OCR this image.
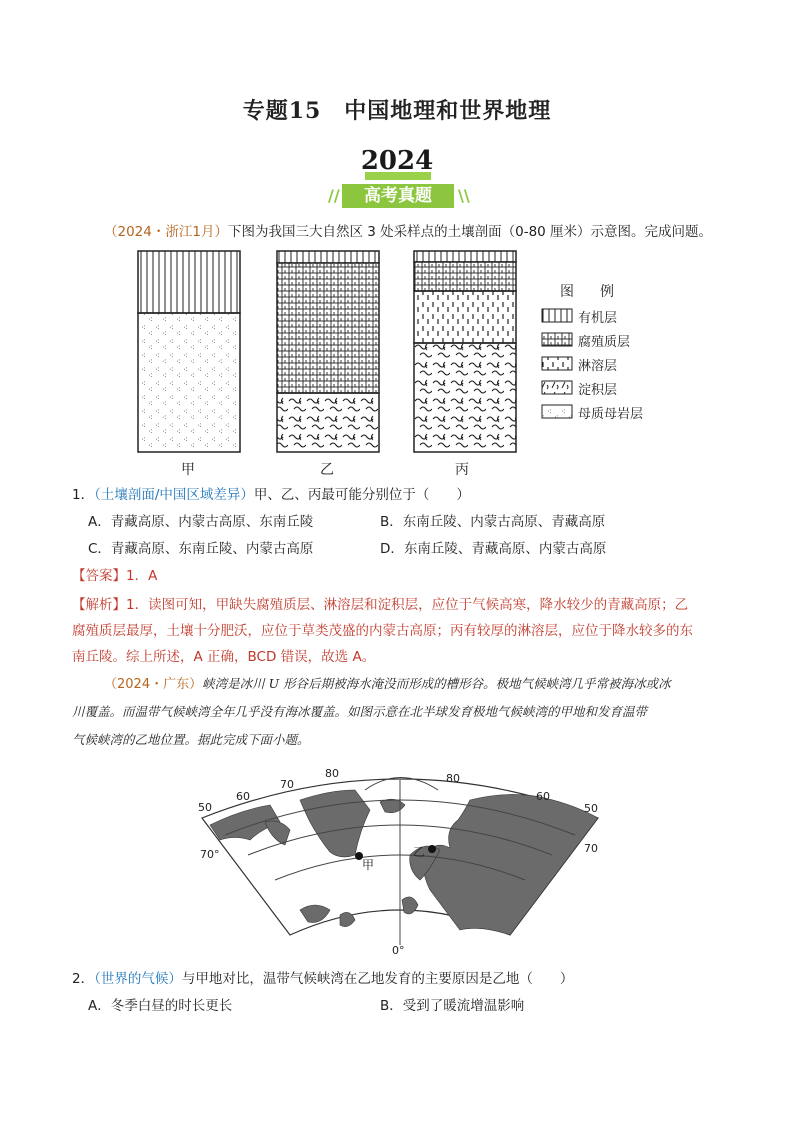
专题15　中国地理和世界地理
2024
//	高考真题	\\
（2024・浙江1月）下图为我国三大自然区 3 处采样点的土壤剖面（0-80 厘米）示意图。完成问题。
甲	乙	丙
图　例
有机层
腐殖质层
淋溶层
淀积层
母质母岩层
1．（土壤剖面/中国区域差异）甲、乙、丙最可能分别位于（　　）
A．青藏高原、内蒙古高原、东南丘陵	B．东南丘陵、内蒙古高原、青藏高原
C．青藏高原、东南丘陵、内蒙古高原	D．东南丘陵、青藏高原、内蒙古高原
【答案】1．A
【解析】1．读图可知，甲缺失腐殖质层、淋溶层和淀积层，应位于气候高寒，降水较少的青藏高原；乙
腐殖质层最厚，土壤十分肥沃，应位于草类茂盛的内蒙古高原；丙有较厚的淋溶层，应位于降水较多的东
南丘陵。综上所述，A 正确，BCD 错误，故选 A。
（2024・广东）峡湾是冰川 U 形谷后期被海水淹没而形成的槽形谷。极地气候峡湾几乎常被海冰或冰
川覆盖。而温带气候峡湾全年几乎没有海冰覆盖。如图示意在北半球发育极地气候峡湾的甲地和发育温带
气候峡湾的乙地位置。据此完成下面小题。
50
60
70
80
70°
80
60
50
70
0°
甲
乙
2．（世界的气候）与甲地对比，温带气候峡湾在乙地发育的主要原因是乙地（　　）
A．冬季白昼的时长更长	B．受到了暖流增温影响
